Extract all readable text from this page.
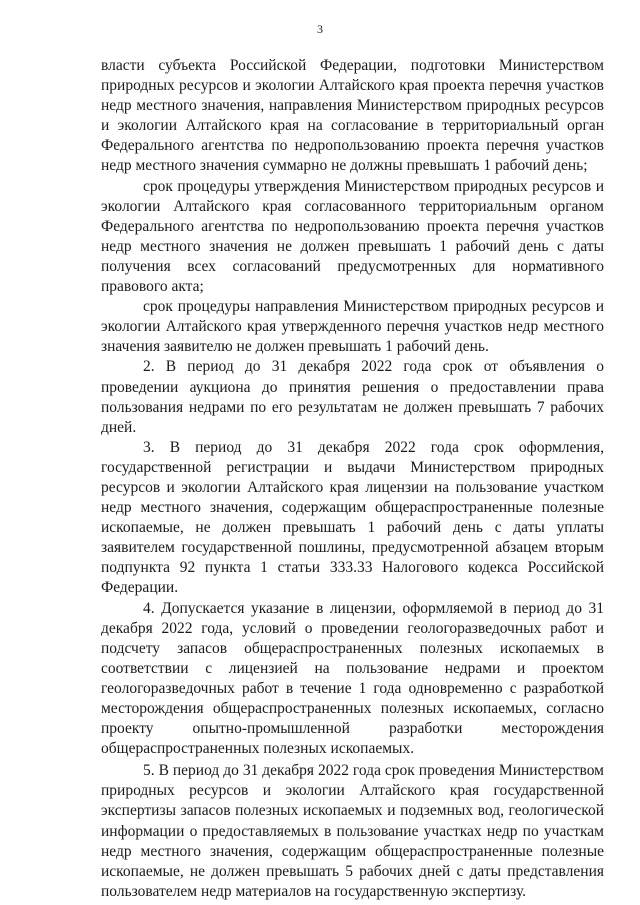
3

власти субъекта Российской Федерации, подготовки Министерством природных ресурсов и экологии Алтайского края проекта перечня участков недр местного значения, направления Министерством природных ресурсов и экологии Алтайского края на согласование в территориальный орган Федерального агентства по недропользованию проекта перечня участков недр местного значения суммарно не должны превышать 1 рабочий день;

срок процедуры утверждения Министерством природных ресурсов и экологии Алтайского края согласованного территориальным органом Федерального агентства по недропользованию проекта перечня участков недр местного значения не должен превышать 1 рабочий день с даты получения всех согласований предусмотренных для нормативного правового акта;

срок процедуры направления Министерством природных ресурсов и экологии Алтайского края утвержденного перечня участков недр местного значения заявителю не должен превышать 1 рабочий день.

2. В период до 31 декабря 2022 года срок от объявления о проведении аукциона до принятия решения о предоставлении права пользования недрами по его результатам не должен превышать 7 рабочих дней.

3. В период до 31 декабря 2022 года срок оформления, государственной регистрации и выдачи Министерством природных ресурсов и экологии Алтайского края лицензии на пользование участком недр местного значения, содержащим общераспространенные полезные ископаемые, не должен превышать 1 рабочий день с даты уплаты заявителем государственной пошлины, предусмотренной абзацем вторым подпункта 92 пункта 1 статьи 333.33 Налогового кодекса Российской Федерации.

4. Допускается указание в лицензии, оформляемой в период до 31 декабря 2022 года, условий о проведении геологоразведочных работ и подсчету запасов общераспространенных полезных ископаемых в соответствии с лицензией на пользование недрами и проектом геологоразведочных работ в течение 1 года одновременно с разработкой месторождения общераспространенных полезных ископаемых, согласно проекту опытно-промышленной разработки месторождения общераспространенных полезных ископаемых.

5. В период до 31 декабря 2022 года срок проведения Министерством природных ресурсов и экологии Алтайского края государственной экспертизы запасов полезных ископаемых и подземных вод, геологической информации о предоставляемых в пользование участках недр по участкам недр местного значения, содержащим общераспространенные полезные ископаемые, не должен превышать 5 рабочих дней с даты представления пользователем недр материалов на государственную экспертизу.
